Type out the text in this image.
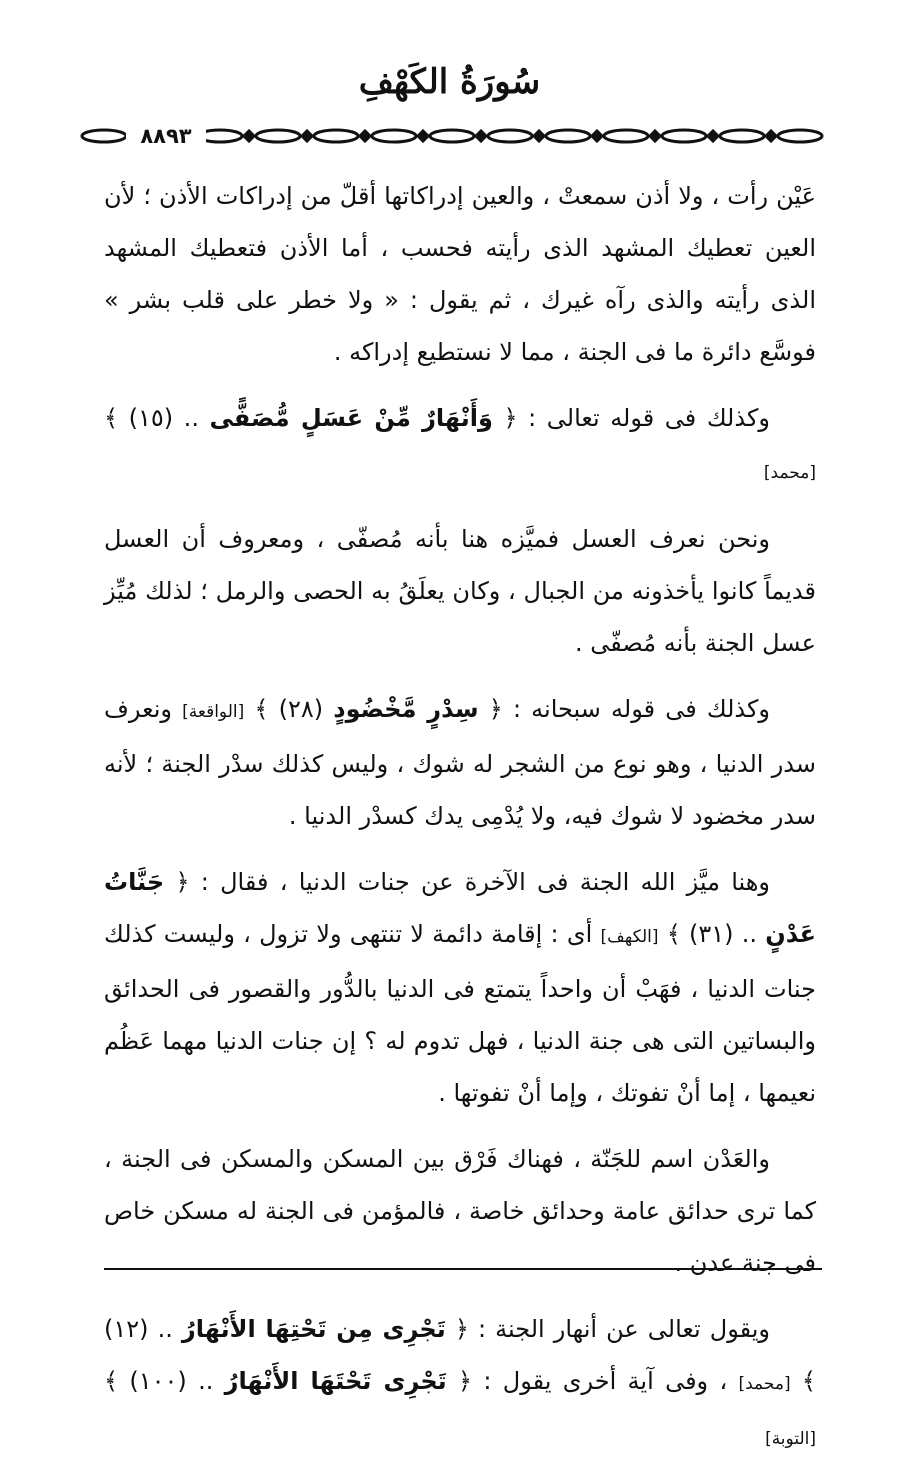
سُورَةُ الكَهْفِ
٨٨٩٣

عَيْن رأت ، ولا أذن سمعتْ ، والعين إدراكاتها أقلّ من إدراكات الأذن ؛ لأن العين تعطيك المشهد الذى رأيته فحسب ، أما الأذن فتعطيك المشهد الذى رأيته والذى رآه غيرك ، ثم يقول : « ولا خطر على قلب بشر » فوسَّع دائرة ما فى الجنة ، مما لا نستطيع إدراكه .

وكذلك فى قوله تعالى : ﴿ وَأَنْهَارٌ مِّنْ عَسَلٍ مُّصَفًّى .. (١٥) ﴾ [محمد]

ونحن نعرف العسل فميَّزه هنا بأنه مُصفّى ، ومعروف أن العسل قديماً كانوا يأخذونه من الجبال ، وكان يعلَقُ به الحصى والرمل ؛ لذلك مُيِّز عسل الجنة بأنه مُصفّى .

وكذلك فى قوله سبحانه : ﴿ سِدْرٍ مَّخْضُودٍ (٢٨) ﴾ [الواقعة] ونعرف سدر الدنيا ، وهو نوع من الشجر له شوك ، وليس كذلك سدْر الجنة ؛ لأنه سدر مخضود لا شوك فيه، ولا يُدْمِى يدك كسدْر الدنيا .

وهنا ميَّز الله الجنة فى الآخرة عن جنات الدنيا ، فقال : ﴿ جَنَّاتُ عَدْنٍ .. (٣١) ﴾ [الكهف] أى : إقامة دائمة لا تنتهى ولا تزول ، وليست كذلك جنات الدنيا ، فهَبْ أن واحداً يتمتع فى الدنيا بالدُّور والقصور فى الحدائق والبساتين التى هى جنة الدنيا ، فهل تدوم له ؟ إن جنات الدنيا مهما عَظُم نعيمها ، إما أنْ تفوتك ، وإما أنْ تفوتها .

والعَدْن اسم للجَنّة ، فهناك فَرْق بين المسكن والمسكن فى الجنة ، كما ترى حدائق عامة وحدائق خاصة ، فالمؤمن فى الجنة له مسكن خاص فى جنة عدن .

ويقول تعالى عن أنهار الجنة : ﴿ تَجْرِى مِن تَحْتِهَا الأَنْهَارُ .. (١٢) ﴾ [محمد] ، وفى آية أخرى يقول : ﴿ تَجْرِى تَحْتَهَا الأَنْهَارُ .. (١٠٠) ﴾ [التوبة]
